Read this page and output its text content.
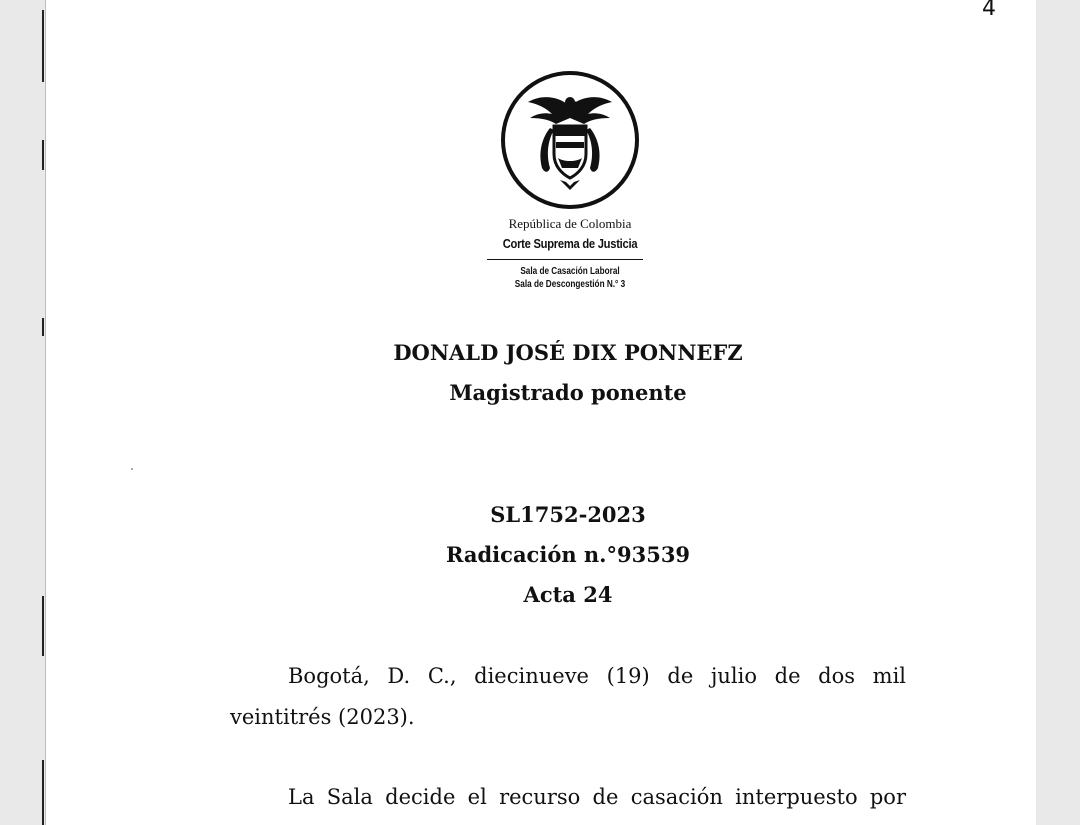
4
República de Colombia
Corte Suprema de Justicia
Sala de Casación Laboral
Sala de Descongestión N.° 3
DONALD JOSÉ DIX PONNEFZ
Magistrado ponente
SL1752-2023
Radicación n.°93539
Acta 24
Bogotá, D. C., diecinueve (19) de julio de dos mil
veintitrés (2023).
La Sala decide el recurso de casación interpuesto por
